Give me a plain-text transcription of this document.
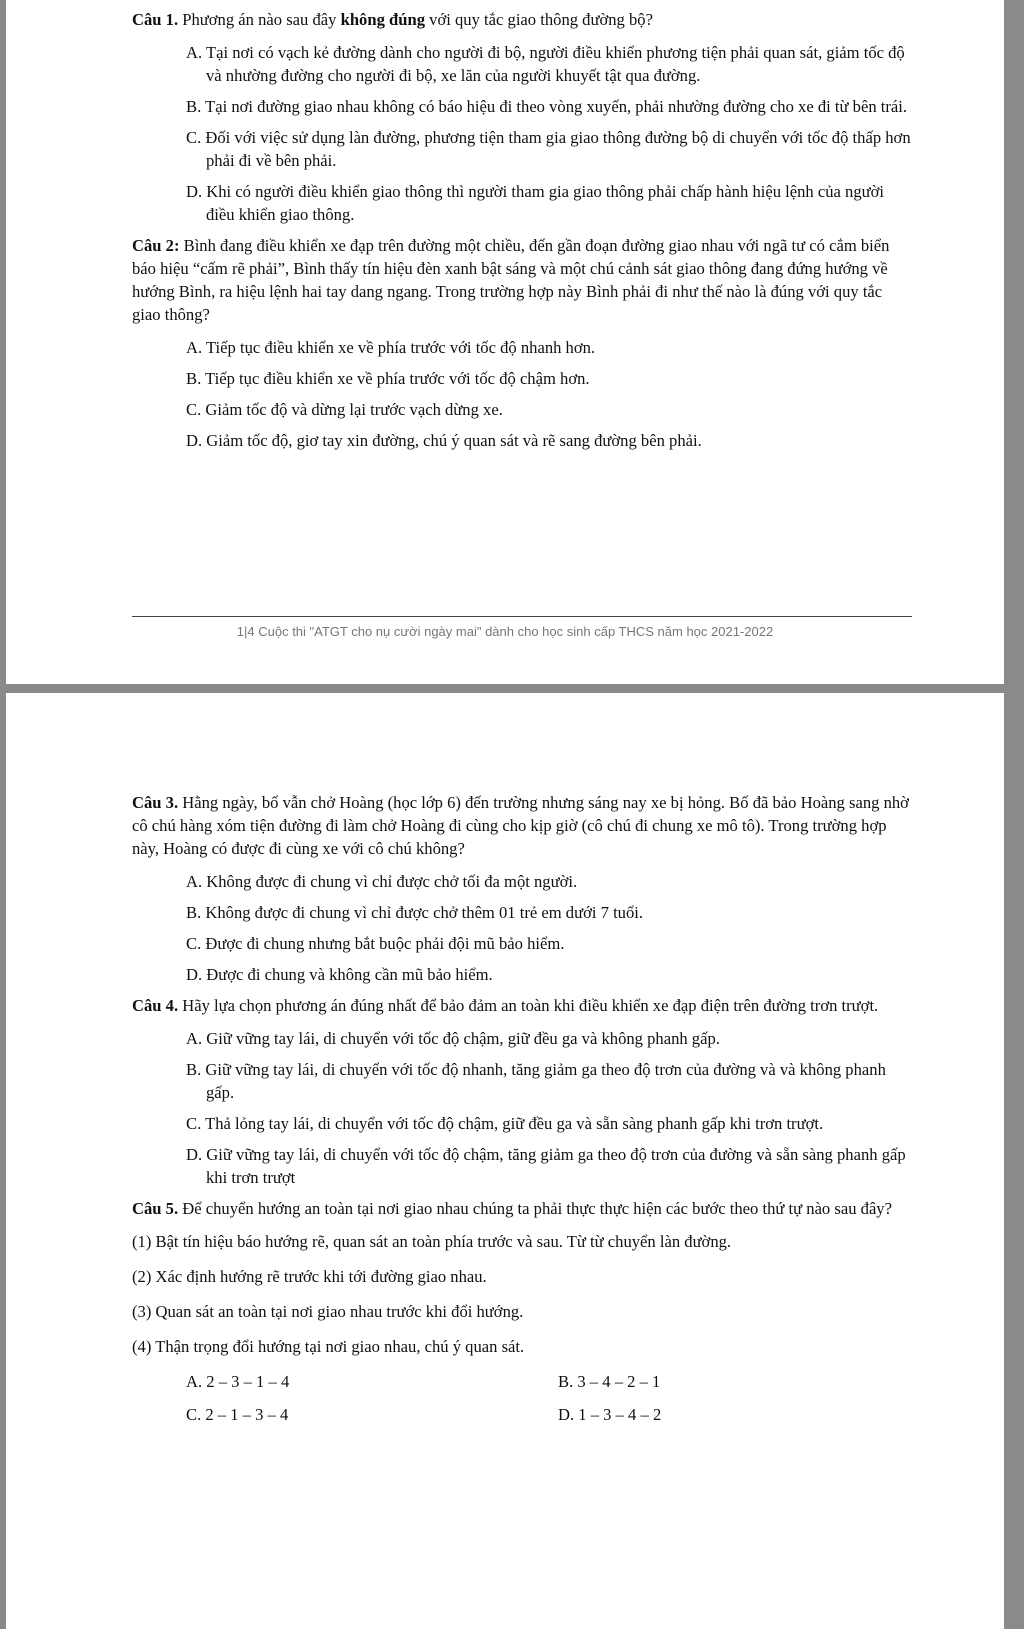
Câu 1. Phương án nào sau đây không đúng với quy tắc giao thông đường bộ?

A. Tại nơi có vạch kẻ đường dành cho người đi bộ, người điều khiển phương tiện phải quan sát, giảm tốc độ và nhường đường cho người đi bộ, xe lăn của người khuyết tật qua đường.
B. Tại nơi đường giao nhau không có báo hiệu đi theo vòng xuyến, phải nhường đường cho xe đi từ bên trái.
C. Đối với việc sử dụng làn đường, phương tiện tham gia giao thông đường bộ di chuyển với tốc độ thấp hơn phải đi về bên phải.
D. Khi có người điều khiển giao thông thì người tham gia giao thông phải chấp hành hiệu lệnh của người điều khiển giao thông.

Câu 2: Bình đang điều khiển xe đạp trên đường một chiều, đến gần đoạn đường giao nhau với ngã tư có cắm biển báo hiệu “cấm rẽ phải”, Bình thấy tín hiệu đèn xanh bật sáng và một chú cảnh sát giao thông đang đứng hướng về hướng Bình, ra hiệu lệnh hai tay dang ngang. Trong trường hợp này Bình phải đi như thế nào là đúng với quy tắc giao thông?

A. Tiếp tục điều khiển xe về phía trước với tốc độ nhanh hơn.
B. Tiếp tục điều khiển xe về phía trước với tốc độ chậm hơn.
C. Giảm tốc độ và dừng lại trước vạch dừng xe.
D. Giảm tốc độ, giơ tay xin đường, chú ý quan sát và rẽ sang đường bên phải.
1|4 Cuộc thi "ATGT cho nụ cười ngày mai" dành cho học sinh cấp THCS năm học 2021-2022

Câu 3. Hằng ngày, bố vẫn chở Hoàng (học lớp 6) đến trường nhưng sáng nay xe bị hỏng. Bố đã bảo Hoàng sang nhờ cô chú hàng xóm tiện đường đi làm chở Hoàng đi cùng cho kịp giờ (cô chú đi chung xe mô tô). Trong trường hợp này, Hoàng có được đi cùng xe với cô chú không?

A. Không được đi chung vì chỉ được chở tối đa một người.
B. Không được đi chung vì chỉ được chở thêm 01 trẻ em dưới 7 tuổi.
C. Được đi chung nhưng bắt buộc phải đội mũ bảo hiểm.
D. Được đi chung và không cần mũ bảo hiểm.

Câu 4. Hãy lựa chọn phương án đúng nhất để bảo đảm an toàn khi điều khiển xe đạp điện trên đường trơn trượt.

A. Giữ vững tay lái, di chuyển với tốc độ chậm, giữ đều ga và không phanh gấp.
B. Giữ vững tay lái, di chuyển với tốc độ nhanh, tăng giảm ga theo độ trơn của đường và và không phanh gấp.
C. Thả lỏng tay lái, di chuyển với tốc độ chậm, giữ đều ga và sẵn sàng phanh gấp khi trơn trượt.
D. Giữ vững tay lái, di chuyển với tốc độ chậm, tăng giảm ga theo độ trơn của đường và sẵn sàng phanh gấp khi trơn trượt

Câu 5. Để chuyển hướng an toàn tại nơi giao nhau chúng ta phải thực thực hiện các bước theo thứ tự nào sau đây?

(1) Bật tín hiệu báo hướng rẽ, quan sát an toàn phía trước và sau. Từ từ chuyển làn đường.

(2) Xác định hướng rẽ trước khi tới đường giao nhau.

(3) Quan sát an toàn tại nơi giao nhau trước khi đổi hướng.

(4) Thận trọng đổi hướng tại nơi giao nhau, chú ý quan sát.

A. 2 – 3 – 1 – 4	B. 3 – 4 – 2 – 1
C. 2 – 1 – 3 – 4	D. 1 – 3 – 4 – 2
